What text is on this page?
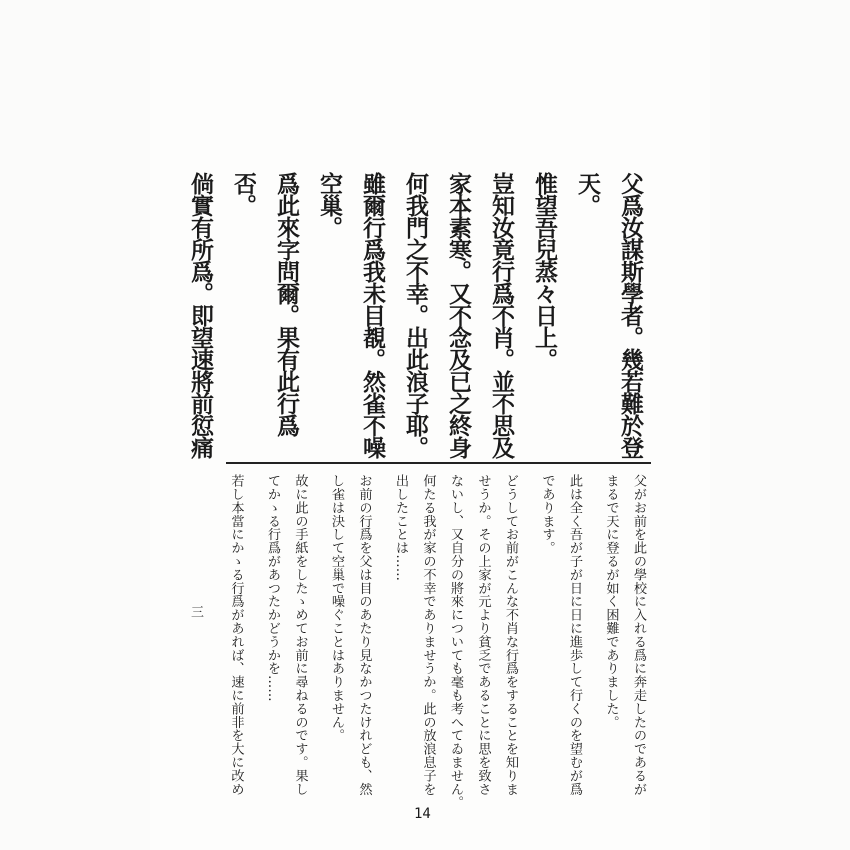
父爲汝謀斯學者。幾若難於登
天。
惟望吾兒蒸々日上。
豈知汝竟行爲不肖。並不思及
家本素寒。又不念及已之終身
何我門之不幸。出此浪子耶。
雖爾行爲我未目覩。然雀不噪
空巢。
爲此來字問爾。果有此行爲否。
倘實有所爲。即望速將前愆痛
父がお前を此の學校に入れる爲に奔走したのであるが
まるで天に登るが如く困難でありました。
此は全く吾が子が日に日に進歩して行くのを望むが爲
であります。
どうしてお前がこんな不肖な行爲をすることを知りま
せうか。その上家が元より貧乏であることに思を致さ
ないし、又自分の將來についても毫も考へてゐません。
何たる我が家の不幸でありませうか。此の放浪息子を
出したことは……
お前の行爲を父は目のあたり見なかつたけれども、然
し雀は決して空巢で噪ぐことはありません。
故に此の手紙をしたゝめてお前に尋ねるのです。果し
てかゝる行爲があつたかどうかを……
若し本當にかゝる行爲があれば、速に前非を大に改め
三
14
